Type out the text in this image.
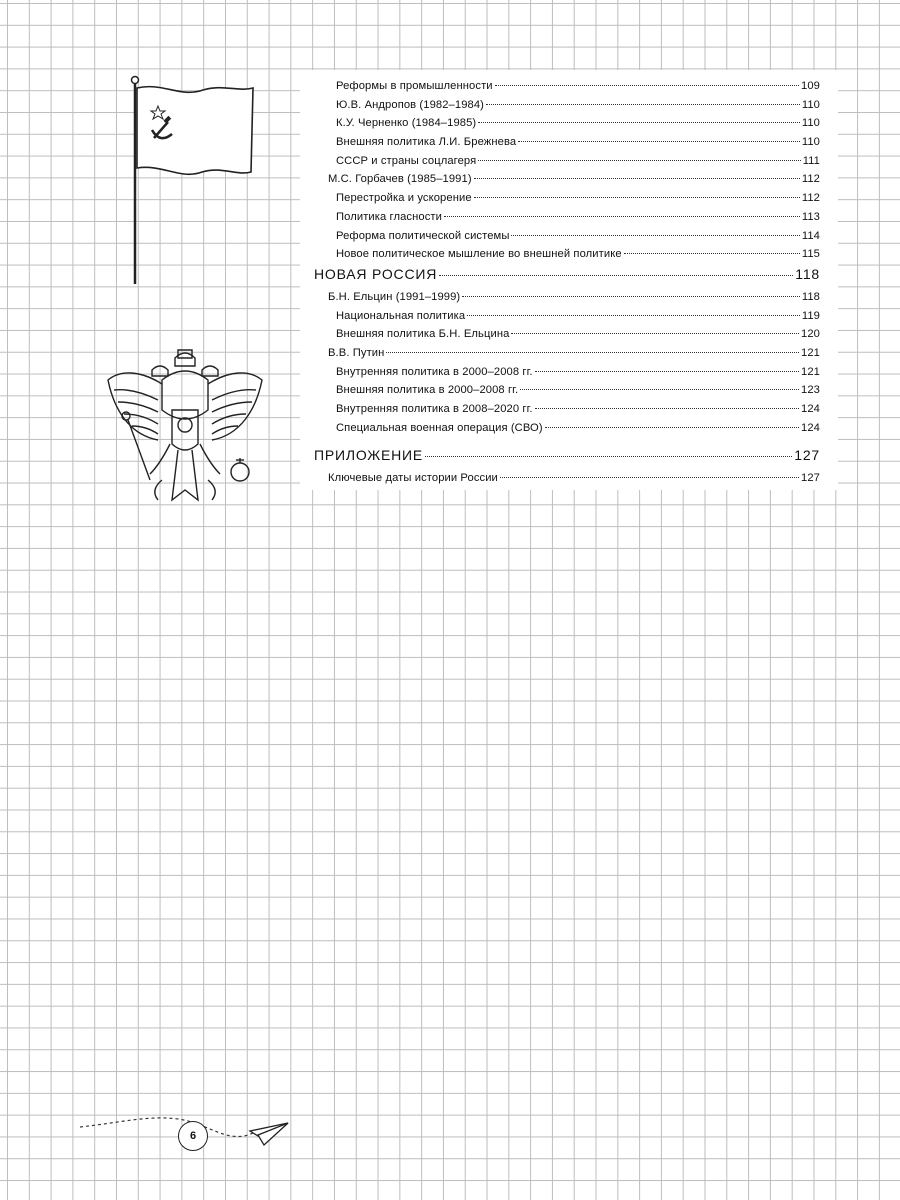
Реформы в промышленности	109
Ю.В. Андропов (1982–1984)	110
К.У. Черненко (1984–1985)	110
Внешняя политика Л.И. Брежнева	110
СССР и страны соцлагеря	111
М.С. Горбачев (1985–1991)	112
Перестройка и ускорение	112
Политика гласности	113
Реформа политической системы	114
Новое политическое мышление во внешней политике	115
НОВАЯ РОССИЯ	118
Б.Н. Ельцин (1991–1999)	118
Национальная политика	119
Внешняя политика Б.Н. Ельцина	120
В.В. Путин	121
Внутренняя политика в 2000–2008 гг.	121
Внешняя политика в 2000–2008 гг.	123
Внутренняя политика в 2008–2020 гг.	124
Специальная военная операция (СВО)	124
ПРИЛОЖЕНИЕ	127
Ключевые даты истории России	127
6
